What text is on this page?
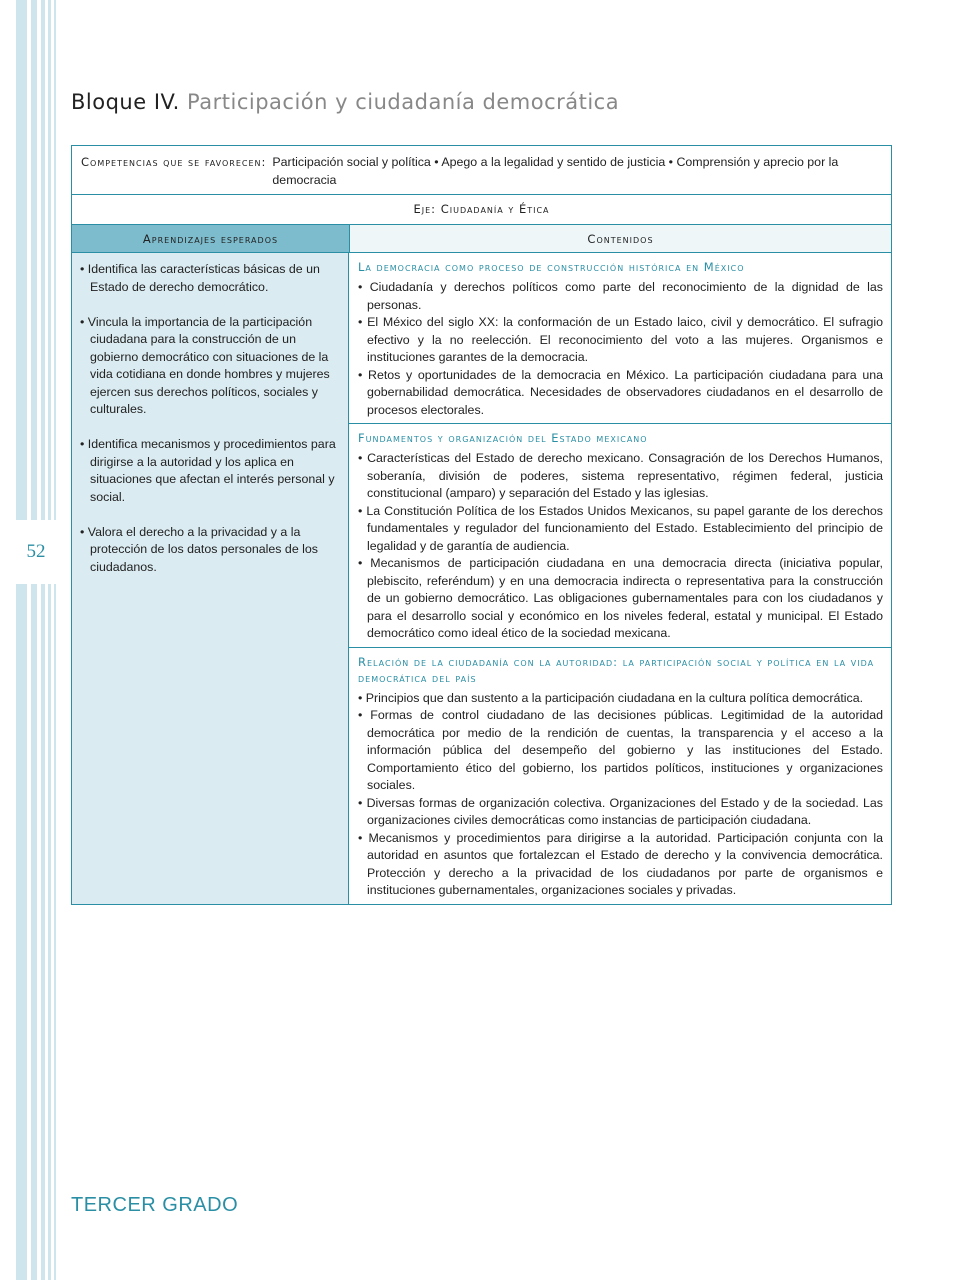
52
Bloque IV. Participación y ciudadanía democrática
Competencias que se favorecen: Participación social y política • Apego a la legalidad y sentido de justicia • Comprensión y aprecio por la democracia
Eje: Ciudadanía y Ética
Aprendizajes esperados	Contenidos
• Identifica las características básicas de un Estado de derecho democrático.
• Vincula la importancia de la participación ciudadana para la construcción de un gobierno democrático con situaciones de la vida cotidiana en donde hombres y mujeres ejercen sus derechos políticos, sociales y culturales.
• Identifica mecanismos y procedimientos para dirigirse a la autoridad y los aplica en situaciones que afectan el interés personal y social.
• Valora el derecho a la privacidad y a la protección de los datos personales de los ciudadanos.
La democracia como proceso de construcción histórica en México
• Ciudadanía y derechos políticos como parte del reconocimiento de la dignidad de las personas.
• El México del siglo XX: la conformación de un Estado laico, civil y democrático. El sufragio efectivo y la no reelección. El reconocimiento del voto a las mujeres. Organismos e instituciones garantes de la democracia.
• Retos y oportunidades de la democracia en México. La participación ciudadana para una gobernabilidad democrática. Necesidades de observadores ciudadanos en el desarrollo de procesos electorales.
Fundamentos y organización del Estado mexicano
• Características del Estado de derecho mexicano. Consagración de los Derechos Humanos, soberanía, división de poderes, sistema representativo, régimen federal, justicia constitucional (amparo) y separación del Estado y las iglesias.
• La Constitución Política de los Estados Unidos Mexicanos, su papel garante de los derechos fundamentales y regulador del funcionamiento del Estado. Establecimiento del principio de legalidad y de garantía de audiencia.
• Mecanismos de participación ciudadana en una democracia directa (iniciativa popular, plebiscito, referéndum) y en una democracia indirecta o representativa para la construcción de un gobierno democrático. Las obligaciones gubernamentales para con los ciudadanos y para el desarrollo social y económico en los niveles federal, estatal y municipal. El Estado democrático como ideal ético de la sociedad mexicana.
Relación de la ciudadanía con la autoridad: la participación social y política en la vida democrática del país
• Principios que dan sustento a la participación ciudadana en la cultura política democrática.
• Formas de control ciudadano de las decisiones públicas. Legitimidad de la autoridad democrática por medio de la rendición de cuentas, la transparencia y el acceso a la información pública del desempeño del gobierno y las instituciones del Estado. Comportamiento ético del gobierno, los partidos políticos, instituciones y organizaciones sociales.
• Diversas formas de organización colectiva. Organizaciones del Estado y de la sociedad. Las organizaciones civiles democráticas como instancias de participación ciudadana.
• Mecanismos y procedimientos para dirigirse a la autoridad. Participación conjunta con la autoridad en asuntos que fortalezcan el Estado de derecho y la convivencia democrática. Protección y derecho a la privacidad de los ciudadanos por parte de organismos e instituciones gubernamentales, organizaciones sociales y privadas.
TERCER GRADO
